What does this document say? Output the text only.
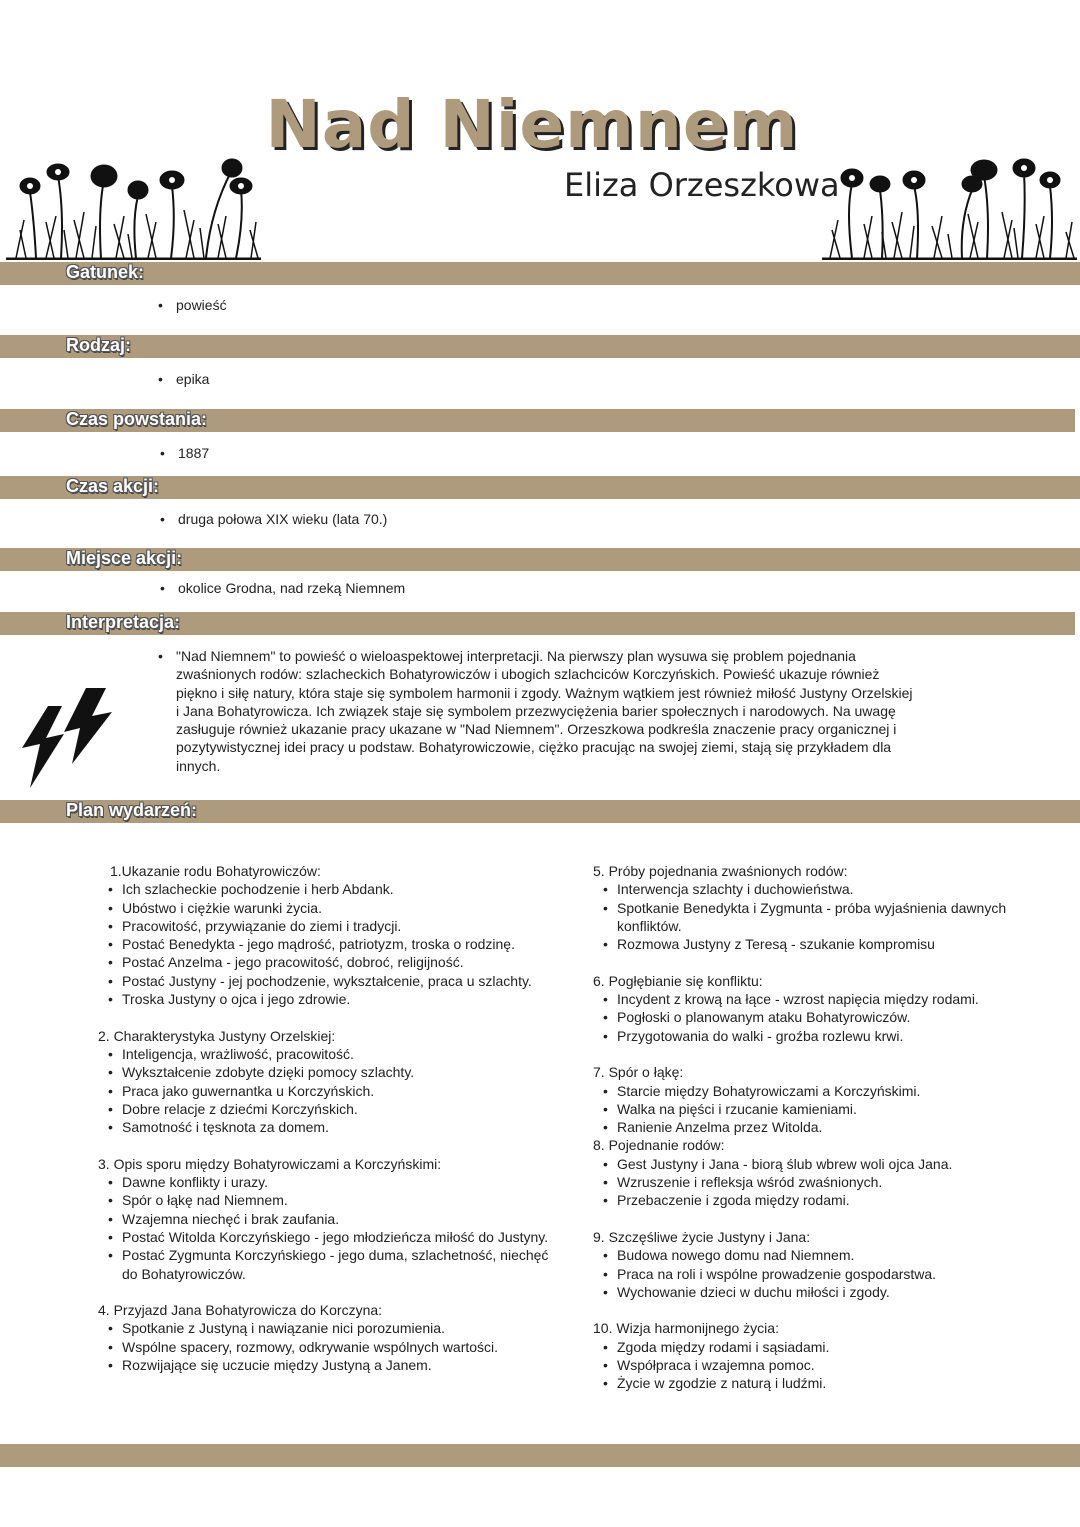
Nad Niemnem
Eliza Orzeszkowa
Gatunek:
• powieść
Rodzaj:
• epika
Czas powstania:
• 1887
Czas akcji:
• druga połowa XIX wieku (lata 70.)
Miejsce akcji:
• okolice Grodna, nad rzeką Niemnem
Interpretacja:
• "Nad Niemnem" to powieść o wieloaspektowej interpretacji. Na pierwszy plan wysuwa się problem pojednania zwaśnionych rodów: szlacheckich Bohatyrowiczów i ubogich szlachciców Korczyńskich. Powieść ukazuje również piękno i siłę natury, która staje się symbolem harmonii i zgody. Ważnym wątkiem jest również miłość Justyny Orzelskiej i Jana Bohatyrowicza. Ich związek staje się symbolem przezwyciężenia barier społecznych i narodowych. Na uwagę zasługuje również ukazanie pracy ukazane w "Nad Niemnem". Orzeszkowa podkreśla znaczenie pracy organicznej i pozytywistycznej idei pracy u podstaw. Bohatyrowiczowie, ciężko pracując na swojej ziemi, stają się przykładem dla innych.
Plan wydarzeń:
1.Ukazanie rodu Bohatyrowiczów:
• Ich szlacheckie pochodzenie i herb Abdank.
• Ubóstwo i ciężkie warunki życia.
• Pracowitość, przywiązanie do ziemi i tradycji.
• Postać Benedykta - jego mądrość, patriotyzm, troska o rodzinę.
• Postać Anzelma - jego pracowitość, dobroć, religijność.
• Postać Justyny - jej pochodzenie, wykształcenie, praca u szlachty.
• Troska Justyny o ojca i jego zdrowie.
2. Charakterystyka Justyny Orzelskiej:
• Inteligencja, wrażliwość, pracowitość.
• Wykształcenie zdobyte dzięki pomocy szlachty.
• Praca jako guwernantka u Korczyńskich.
• Dobre relacje z dziećmi Korczyńskich.
• Samotność i tęsknota za domem.
3. Opis sporu między Bohatyrowiczami a Korczyńskimi:
• Dawne konflikty i urazy.
• Spór o łąkę nad Niemnem.
• Wzajemna niechęć i brak zaufania.
• Postać Witolda Korczyńskiego - jego młodzieńcza miłość do Justyny.
• Postać Zygmunta Korczyńskiego - jego duma, szlachetność, niechęć do Bohatyrowiczów.
4. Przyjazd Jana Bohatyrowicza do Korczyna:
• Spotkanie z Justyną i nawiązanie nici porozumienia.
• Wspólne spacery, rozmowy, odkrywanie wspólnych wartości.
• Rozwijające się uczucie między Justyną a Janem.
5. Próby pojednania zwaśnionych rodów:
• Interwencja szlachty i duchowieństwa.
• Spotkanie Benedykta i Zygmunta - próba wyjaśnienia dawnych konfliktów.
• Rozmowa Justyny z Teresą - szukanie kompromisu
6. Pogłębianie się konfliktu:
• Incydent z krową na łące - wzrost napięcia między rodami.
• Pogłoski o planowanym ataku Bohatyrowiczów.
• Przygotowania do walki - groźba rozlewu krwi.
7. Spór o łąkę:
• Starcie między Bohatyrowiczami a Korczyńskimi.
• Walka na pięści i rzucanie kamieniami.
• Ranienie Anzelma przez Witolda.
8. Pojednanie rodów:
• Gest Justyny i Jana - biorą ślub wbrew woli ojca Jana.
• Wzruszenie i refleksja wśród zwaśnionych.
• Przebaczenie i zgoda między rodami.
9. Szczęśliwe życie Justyny i Jana:
• Budowa nowego domu nad Niemnem.
• Praca na roli i wspólne prowadzenie gospodarstwa.
• Wychowanie dzieci w duchu miłości i zgody.
10. Wizja harmonijnego życia:
• Zgoda między rodami i sąsiadami.
• Współpraca i wzajemna pomoc.
• Życie w zgodzie z naturą i ludźmi.
